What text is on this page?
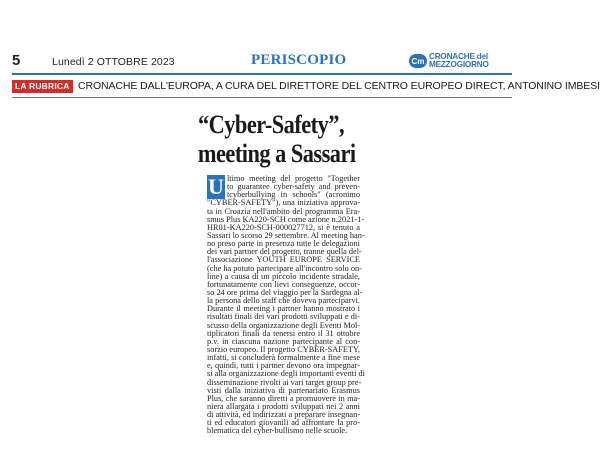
5	Lunedì 2 OTTOBRE 2023	PERISCOPIO	Cm CRONACHE del
MEZZOGIORNO
LA RUBRICA CRONACHE DALL'EUROPA, A CURA DEL DIRETTORE DEL CENTRO EUROPEO DIRECT, ANTONINO IMBESI
“Cyber-Safety”,
meeting a Sassari
U ltimo meeting del progetto "Together
to guarantee cyber-safety and preven-
tcyberbullying in schools" (acronimo
"CYBER-SAFETY"), una iniziativa approva-
ta in Croazia nell'ambito del programma Era-
smus Plus KA220-SCH come azione n.2021-1-
HR01-KA220-SCH-000027712, si è tenuto a
Sassari lo scorso 29 settembre. Al meeting han-
no preso parte in presenza tutte le delegazioni
dei vari partner del progetto, tranne quella del-
l'associazione YOUTH EUROPE SERVICE
(che ha potuto partecipare all'incontro solo on-
line) a causa di un piccolo incidente stradale,
fortunatamente con lievi conseguenze, occor-
so 24 ore prima del viaggio per la Sardegna al-
la persona dello staff che doveva parteciparvi.
Durante il meeting i partner hanno mostrato i
risultati finali dei vari prodotti sviluppati e di-
scusso della organizzazione degli Eventi Mol-
tiplicatori finali da tenersi entro il 31 ottobre
p.v. in ciascuna nazione partecipante al con-
sorzio europeo. Il progetto CYBER-SAFETY,
infatti, si concluderà formalmente a fine mese
e, quindi, tutti i partner devono ora impegnar-
si alla organizzazione degli importanti eventi di
disseminazione rivolti ai vari target group pre-
visti dalla iniziativa di partenariato Erasmus
Plus, che saranno diretti a promuovere in ma-
niera allargata i prodotti sviluppati nei 2 anni
di attività, ed indirizzati a preparare insegnan-
ti ed educatori giovanili ad affrontare la pro-
blematica del cyber-bullismo nelle scuole.
